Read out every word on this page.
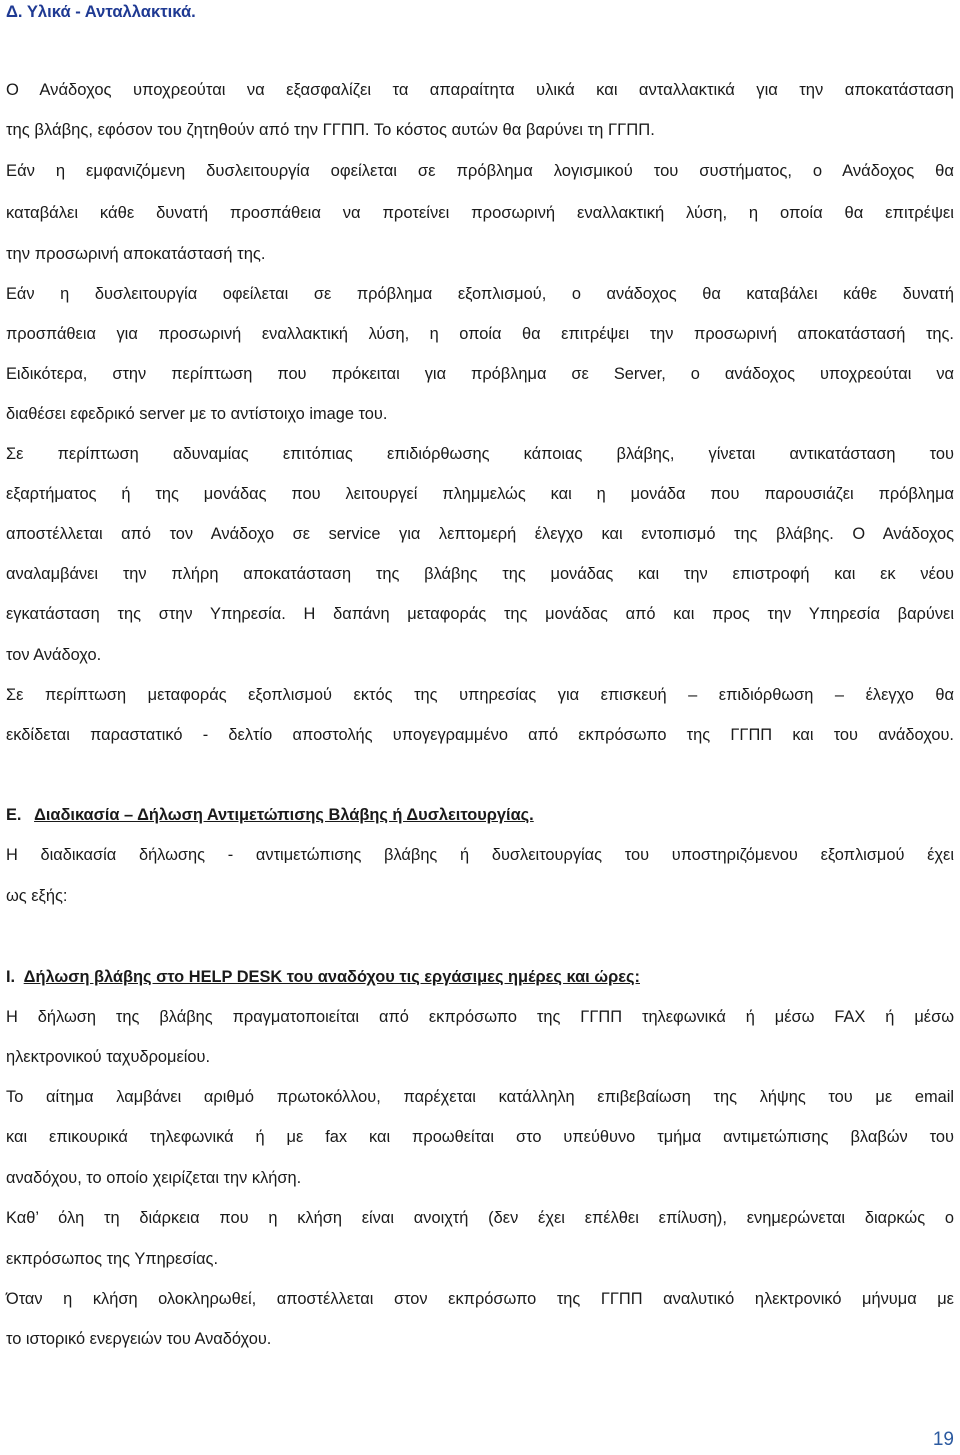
Δ. Υλικά - Ανταλλακτικά.

Ο Ανάδοχος υποχρεούται να εξασφαλίζει τα απαραίτητα υλικά και ανταλλακτικά για την αποκατάσταση

της βλάβης, εφόσον του ζητηθούν από την ΓΓΠΠ. Το κόστος αυτών θα βαρύνει τη ΓΓΠΠ.

Εάν η εμφανιζόμενη δυσλειτουργία οφείλεται σε πρόβλημα λογισμικού του συστήματος, ο Ανάδοχος θα

καταβάλει κάθε δυνατή προσπάθεια να προτείνει προσωρινή εναλλακτική λύση, η οποία θα επιτρέψει

την προσωρινή αποκατάστασή της.

Εάν η δυσλειτουργία οφείλεται σε πρόβλημα εξοπλισμού, ο ανάδοχος θα καταβάλει κάθε δυνατή

προσπάθεια για προσωρινή εναλλακτική λύση, η οποία θα επιτρέψει την προσωρινή αποκατάστασή της.

Ειδικότερα, στην περίπτωση που πρόκειται για πρόβλημα σε Server, ο ανάδοχος υποχρεούται να

διαθέσει εφεδρικό server με το αντίστοιχο image του.

Σε περίπτωση αδυναμίας επιτόπιας επιδιόρθωσης κάποιας βλάβης, γίνεται αντικατάσταση του

εξαρτήματος ή της μονάδας που λειτουργεί πλημμελώς και η μονάδα που παρουσιάζει πρόβλημα

αποστέλλεται από τον Ανάδοχο σε service για λεπτομερή έλεγχο και εντοπισμό της βλάβης. Ο Ανάδοχος

αναλαμβάνει την πλήρη αποκατάσταση της βλάβης της μονάδας και την επιστροφή και εκ νέου

εγκατάσταση της στην Υπηρεσία. Η δαπάνη μεταφοράς της μονάδας από και προς την Υπηρεσία βαρύνει

τον Ανάδοχο.

Σε περίπτωση μεταφοράς εξοπλισμού εκτός της υπηρεσίας για επισκευή – επιδιόρθωση – έλεγχο θα

εκδίδεται παραστατικό - δελτίο αποστολής υπογεγραμμένο από εκπρόσωπο της ΓΓΠΠ και του ανάδοχου.

Ε. Διαδικασία – Δήλωση Αντιμετώπισης Βλάβης ή Δυσλειτουργίας.

Η διαδικασία δήλωσης - αντιμετώπισης βλάβης ή δυσλειτουργίας του υποστηριζόμενου εξοπλισμού έχει

ως εξής:

Ι. Δήλωση βλάβης στο HELP DESK του αναδόχου τις εργάσιμες ημέρες και ώρες:

Η δήλωση της βλάβης πραγματοποιείται από εκπρόσωπο της ΓΓΠΠ τηλεφωνικά ή μέσω FAX ή μέσω

ηλεκτρονικού ταχυδρομείου.

Το αίτημα λαμβάνει αριθμό πρωτοκόλλου, παρέχεται κατάλληλη επιβεβαίωση της λήψης του με email

και επικουρικά τηλεφωνικά ή με fax και προωθείται στο υπεύθυνο τμήμα αντιμετώπισης βλαβών του

αναδόχου, το οποίο χειρίζεται την κλήση.

Καθ’ όλη τη διάρκεια που η κλήση είναι ανοιχτή (δεν έχει επέλθει επίλυση), ενημερώνεται διαρκώς ο

εκπρόσωπος της Υπηρεσίας.

Όταν η κλήση ολοκληρωθεί, αποστέλλεται στον εκπρόσωπο της ΓΓΠΠ αναλυτικό ηλεκτρονικό μήνυμα με

το ιστορικό ενεργειών του Αναδόχου.

19
